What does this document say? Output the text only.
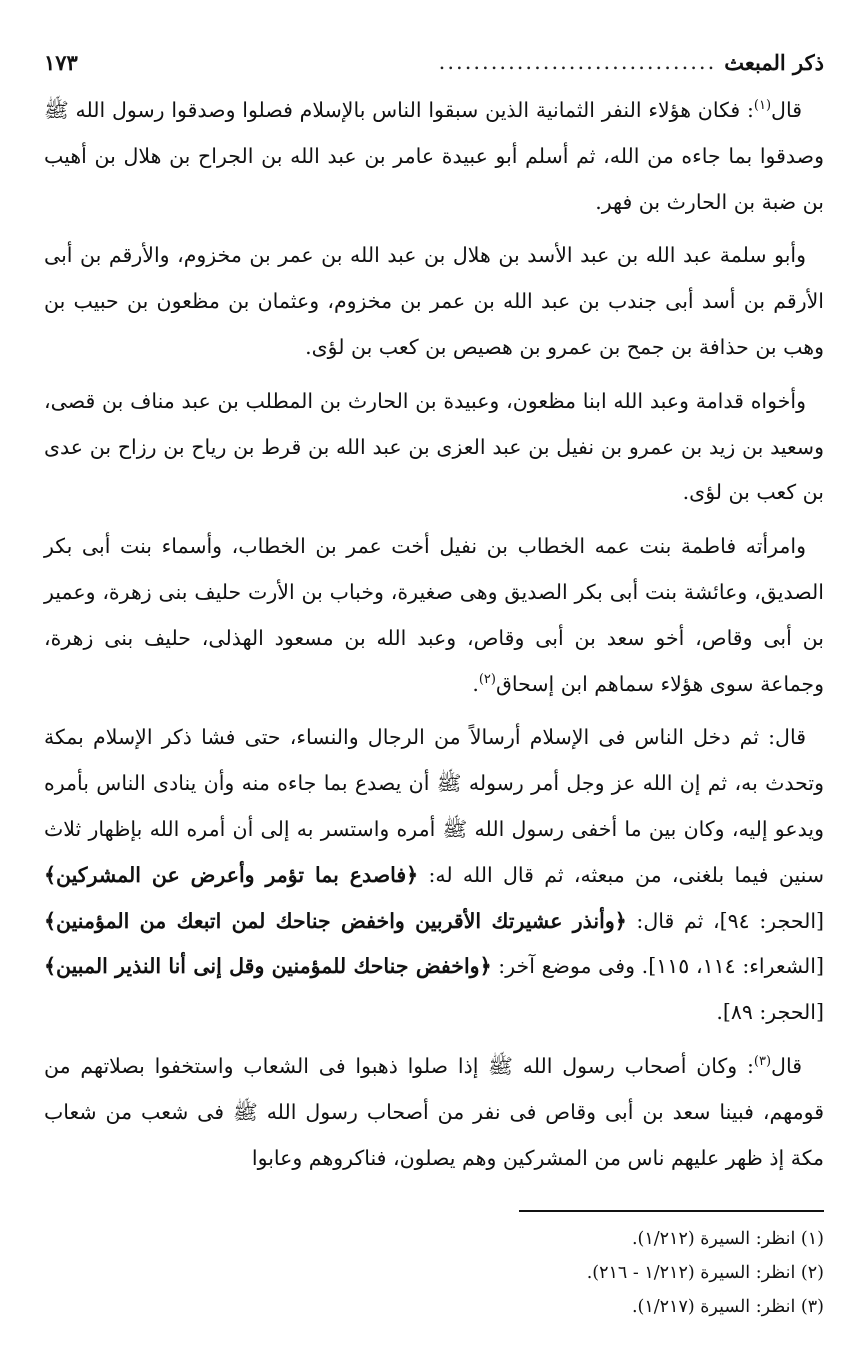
ذكر المبعث
................................
١٧٣

قال$^{(١)}$: فكان هؤلاء النفر الثمانية الذين سبقوا الناس بالإسلام فصلوا وصدقوا رسول الله ﷺ وصدقوا بما جاءه من الله، ثم أسلم أبو عبيدة عامر بن عبد الله بن الجراح بن هلال بن أهيب بن ضبة بن الحارث بن فهر.

وأبو سلمة عبد الله بن عبد الأسد بن هلال بن عبد الله بن عمر بن مخزوم، والأرقم بن أبى الأرقم بن أسد أبى جندب بن عبد الله بن عمر بن مخزوم، وعثمان بن مظعون بن حبيب بن وهب بن حذافة بن جمح بن عمرو بن هصيص بن كعب بن لؤى.

وأخواه قدامة وعبد الله ابنا مظعون، وعبيدة بن الحارث بن المطلب بن عبد مناف بن قصى، وسعيد بن زيد بن عمرو بن نفيل بن عبد العزى بن عبد الله بن قرط بن رياح بن رزاح بن عدى بن كعب بن لؤى.

وامرأته فاطمة بنت عمه الخطاب بن نفيل أخت عمر بن الخطاب، وأسماء بنت أبى بكر الصديق، وعائشة بنت أبى بكر الصديق وهى صغيرة، وخباب بن الأرت حليف بنى زهرة، وعمير بن أبى وقاص، أخو سعد بن أبى وقاص، وعبد الله بن مسعود الهذلى، حليف بنى زهرة، وجماعة سوى هؤلاء سماهم ابن إسحاق$^{(٢)}$.

قال: ثم دخل الناس فى الإسلام أرسالاً من الرجال والنساء، حتى فشا ذكر الإسلام بمكة وتحدث به، ثم إن الله عز وجل أمر رسوله ﷺ أن يصدع بما جاءه منه وأن ينادى الناس بأمره ويدعو إليه، وكان بين ما أخفى رسول الله ﷺ أمره واستسر به إلى أن أمره الله بإظهار ثلاث سنين فيما بلغنى، من مبعثه، ثم قال الله له: ﴿فاصدع بما تؤمر وأعرض عن المشركين﴾ [الحجر: ٩٤]، ثم قال: ﴿وأنذر عشيرتك الأقربين واخفض جناحك لمن اتبعك من المؤمنين﴾ [الشعراء: ١١٤، ١١٥]. وفى موضع آخر: ﴿واخفض جناحك للمؤمنين وقل إنى أنا النذير المبين﴾ [الحجر: ٨٩].

قال$^{(٣)}$: وكان أصحاب رسول الله ﷺ إذا صلوا ذهبوا فى الشعاب واستخفوا بصلاتهم من قومهم، فبينا سعد بن أبى وقاص فى نفر من أصحاب رسول الله ﷺ فى شعب من شعاب مكة إذ ظهر عليهم ناس من المشركين وهم يصلون، فناكروهم وعابوا

(١) انظر: السيرة (١/٢١٢).
(٢) انظر: السيرة (١/٢١٢ - ٢١٦).
(٣) انظر: السيرة (١/٢١٧).
